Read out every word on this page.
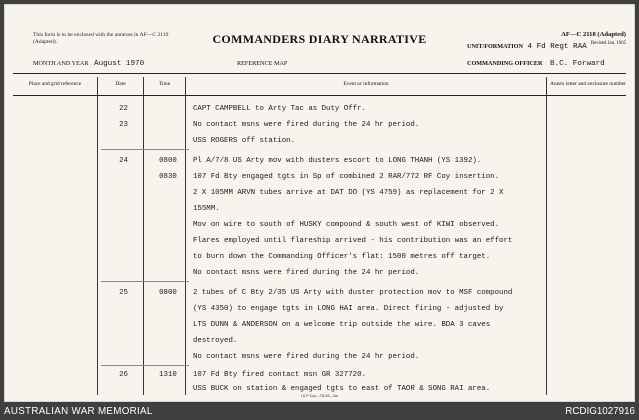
This form is to be enclosed with the annexes in AF—C 2119 (Adapted).	COMMANDERS DIARY NARRATIVE	AF—C 2118 (Adapted)
Revised Jan, 1965
UNIT/FORMATION 4 Fd Regt RAA
MONTH AND YEAR August 1970	REFERENCE MAP	COMMANDING OFFICER B.C. Forward
Place and grid reference	Date	Time	Event or information	Annex letter and enclosure number
22	CAPT CAMPBELL to Arty Tac as Duty Offr.
23	No contact msns were fired during the 24 hr period.
USS ROGERS off station.
24	0800	Pl A/7/8 US Arty mov with dusters escort to LONG THANH (YS 1392).
0830	107 Fd Bty engaged tgts in Sp of combined 2 RAR/772 RF Coy insertion.
2 X 105MM ARVN tubes arrive at DAT DO (YS 4759) as replacement for 2 X
155MM.
Mov on wire to south of HUSKY compound & south west of KIWI observed.
Flares employed until flareship arrived - his contribution was an effort
to burn down the Commanding Officer's flat: 1500 metres off target.
No contact msns were fired during the 24 hr period.
25	0800	2 tubes of C Bty 2/35 US Arty with duster protection mov to MSF compound
(YS 4350) to engage tgts in LONG HAI area. Direct firing - adjusted by
LTS DUNN & ANDERSON on a welcome trip outside the wire. BDA 3 caves
destroyed.
No contact msns were fired during the 24 hr period.
26	1310	107 Fd Bty fired contact msn GR 327720.
USS BUCK on station & engaged tgts to east of TAOR & SONG RAI area.
I & P Coy—73L93—3m
AUSTRALIAN WAR MEMORIAL	RCDIG1027916
